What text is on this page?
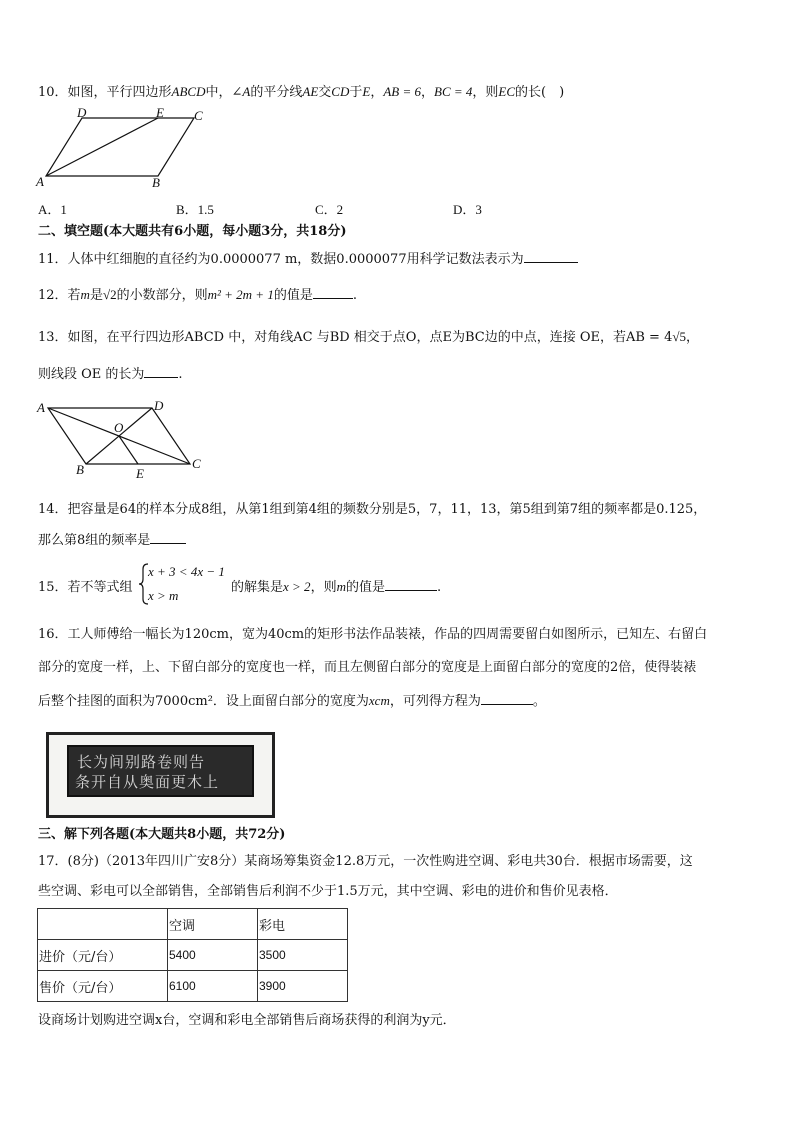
10．如图，平行四边形ABCD中，∠A的平分线AE交CD于E，AB = 6，BC = 4，则EC的长(　)
D	E C
A	B
A．1	B．1.5	C．2	D．3
二、填空题(本大题共有6小题，每小题3分，共18分)
11．人体中红细胞的直径约为0.0000077 m，数据0.0000077用科学记数法表示为
12．若m是√2的小数部分，则m² + 2m + 1的值是	.
13．如图，在平行四边形ABCD 中，对角线AC 与BD 相交于点O，点E为BC边的中点，连接 OE，若AB = 4√5，
则线段 OE 的长为	.
A	D
O
B	E
C
14．把容量是64的样本分成8组，从第1组到第4组的频数分别是5，7，11，13，第5组到第7组的频率都是0.125，
那么第8组的频率是
15．若不等式组
x + 3 < 4x − 1
x > m
的解集是x > 2，则m的值是	.
16．工人师傅给一幅长为120cm，宽为40cm的矩形书法作品装裱，作品的四周需要留白如图所示，已知左、右留白
部分的宽度一样，上、下留白部分的宽度也一样，而且左侧留白部分的宽度是上面留白部分的宽度的2倍，使得装裱
后整个挂图的面积为7000cm²．设上面留白部分的宽度为xcm，可列得方程为	。
长为间别路卷则告
条开自从奥面更木上
三、解下列各题(本大题共8小题，共72分)
17．(8分)（2013年四川广安8分）某商场筹集资金12.8万元，一次性购进空调、彩电共30台．根据市场需要，这
些空调、彩电可以全部销售，全部销售后利润不少于1.5万元，其中空调、彩电的进价和售价见表格．
	空调	彩电
进价（元/台）	5400	3500
售价（元/台）	6100	3900
设商场计划购进空调x台，空调和彩电全部销售后商场获得的利润为y元．
